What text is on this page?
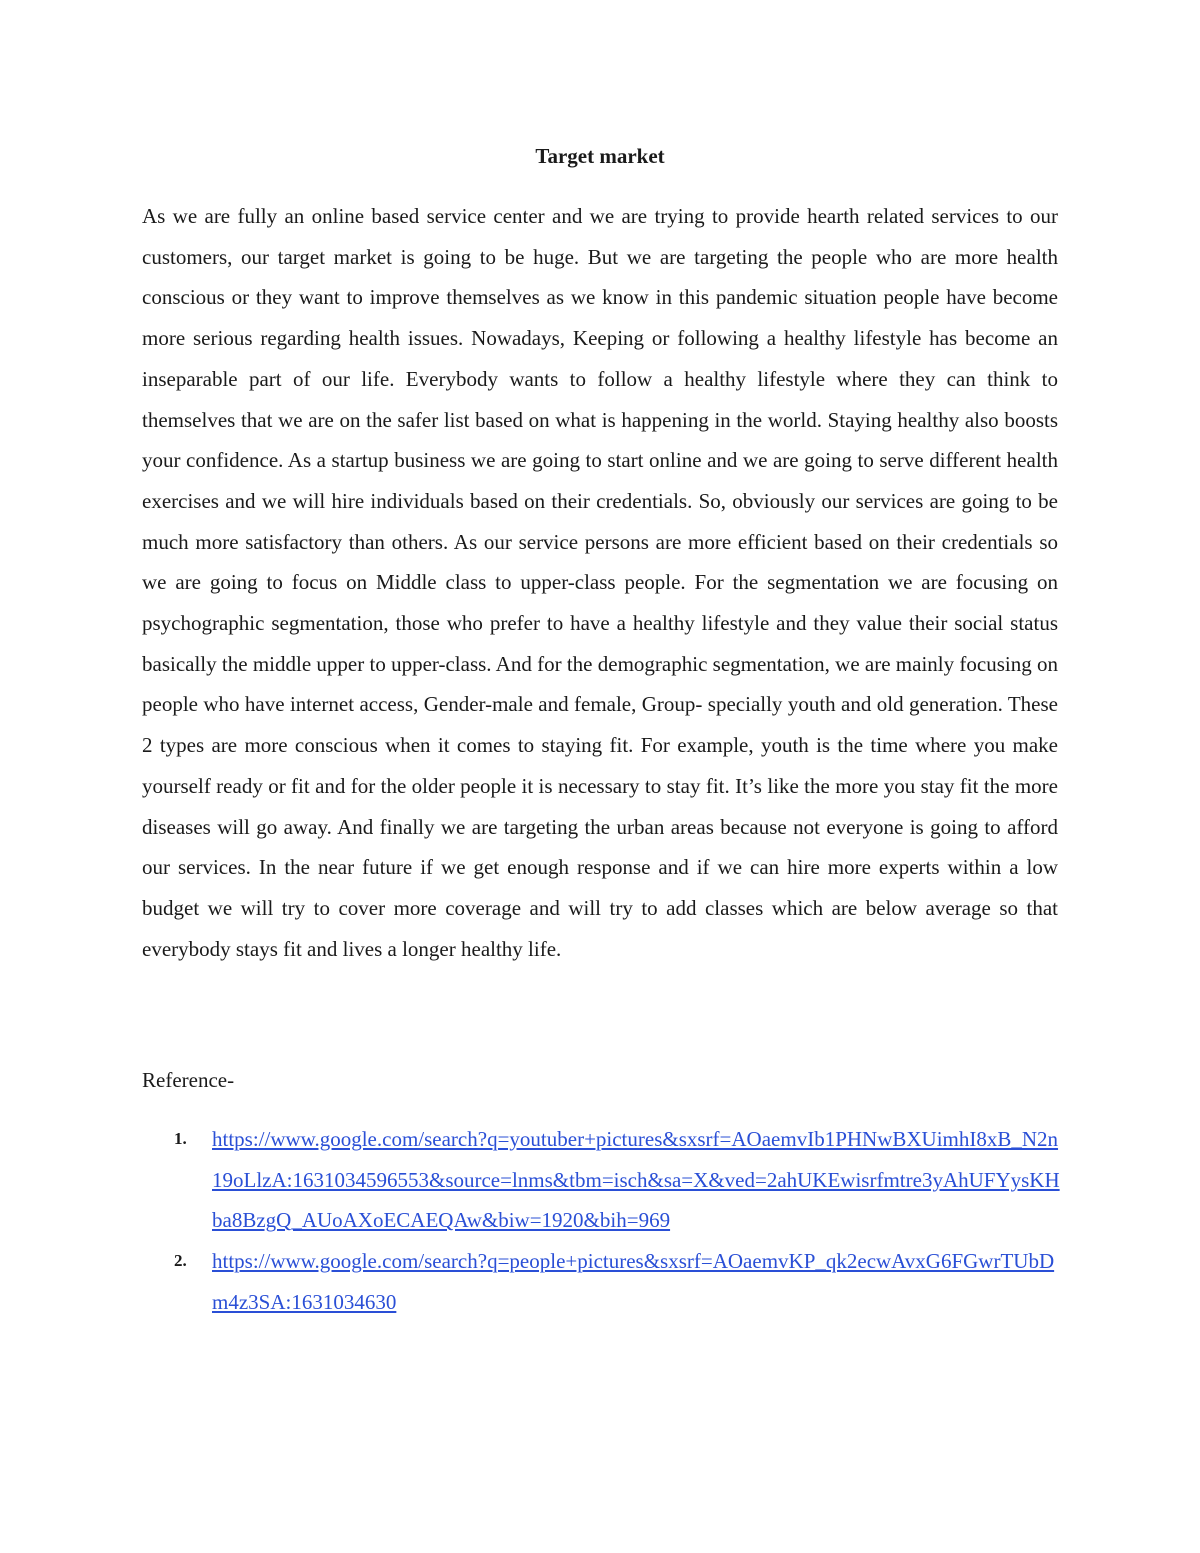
Target market

As we are fully an online based service center and we are trying to provide hearth related services to our customers, our target market is going to be huge. But we are targeting the people who are more health conscious or they want to improve themselves as we know in this pandemic situation people have become more serious regarding health issues. Nowadays, Keeping or following a healthy lifestyle has become an inseparable part of our life. Everybody wants to follow a healthy lifestyle where they can think to themselves that we are on the safer list based on what is happening in the world. Staying healthy also boosts your confidence. As a startup business we are going to start online and we are going to serve different health exercises and we will hire individuals based on their credentials. So, obviously our services are going to be much more satisfactory than others. As our service persons are more efficient based on their credentials so we are going to focus on Middle class to upper-class people. For the segmentation we are focusing on psychographic segmentation, those who prefer to have a healthy lifestyle and they value their social status basically the middle upper to upper-class. And for the demographic segmentation, we are mainly focusing on people who have internet access, Gender-male and female, Group- specially youth and old generation. These 2 types are more conscious when it comes to staying fit. For example, youth is the time where you make yourself ready or fit and for the older people it is necessary to stay fit. It’s like the more you stay fit the more diseases will go away. And finally we are targeting the urban areas because not everyone is going to afford our services. In the near future if we get enough response and if we can hire more experts within a low budget we will try to cover more coverage and will try to add classes which are below average so that everybody stays fit and lives a longer healthy life.

Reference-
1. https://www.google.com/search?q=youtuber+pictures&sxsrf=AOaemvIb1PHNwBXUimhI8xB_N2n19oLlzA:1631034596553&source=lnms&tbm=isch&sa=X&ved=2ahUKEwisrfmtre3yAhUFYysKHba8BzgQ_AUoAXoECAEQAw&biw=1920&bih=969
2. https://www.google.com/search?q=people+pictures&sxsrf=AOaemvKP_qk2ecwAvxG6FGwrTUbDm4z3SA:1631034630
